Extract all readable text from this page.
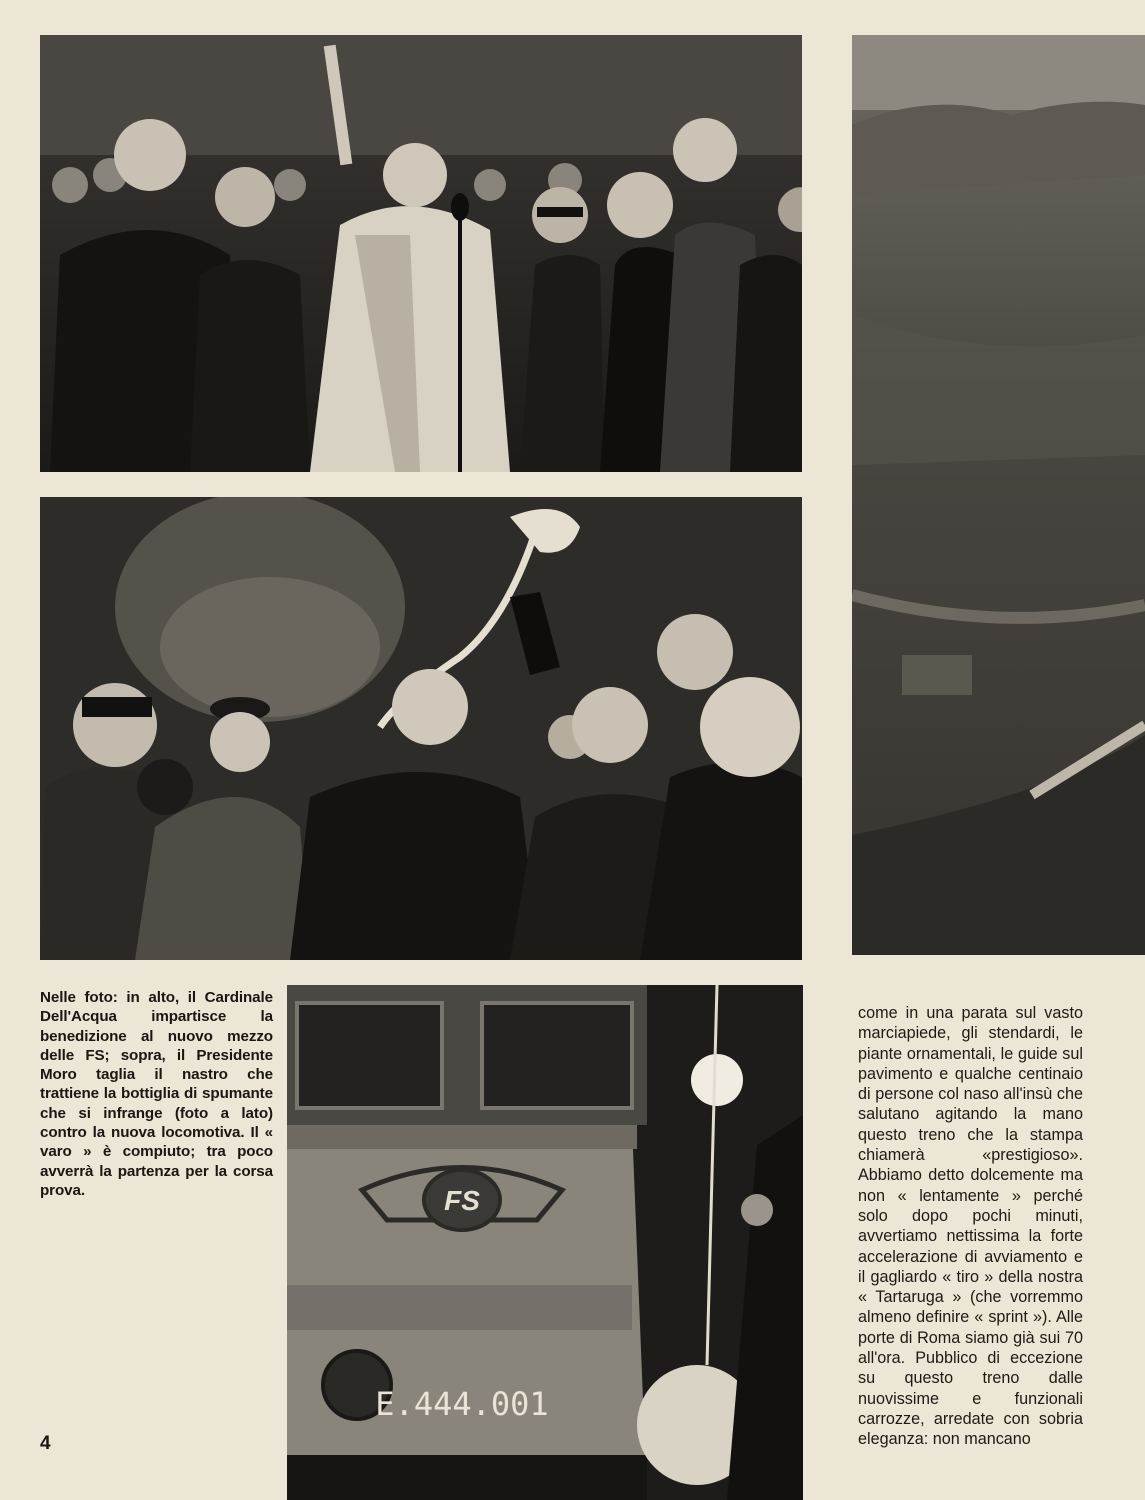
FS
E.444.001
Nelle foto: in alto, il Cardinale Dell'Acqua impartisce la benedizione al nuovo mezzo delle FS; sopra, il Presidente Moro taglia il nastro che trattiene la bottiglia di spumante che si infrange (foto a lato) contro la nuova locomotiva. Il « varo » è compiuto; tra poco avverrà la partenza per la corsa prova.
come in una parata sul vasto marciapiede, gli stendardi, le piante ornamentali, le guide sul pavimento e qualche centinaio di persone col naso all'insù che salutano agitando la mano questo treno che la stampa chiamerà «prestigioso». Abbiamo detto dolcemente ma non « lentamente » perché solo dopo pochi minuti, avvertiamo nettissima la forte accelerazione di avviamento e il gagliardo « tiro » della nostra « Tartaruga » (che vorremmo almeno definire « sprint »). Alle porte di Roma siamo già sui 70 all'ora. Pubblico di eccezione su questo treno dalle nuovissime e funzionali carrozze, arredate con sobria eleganza: non mancano
4
